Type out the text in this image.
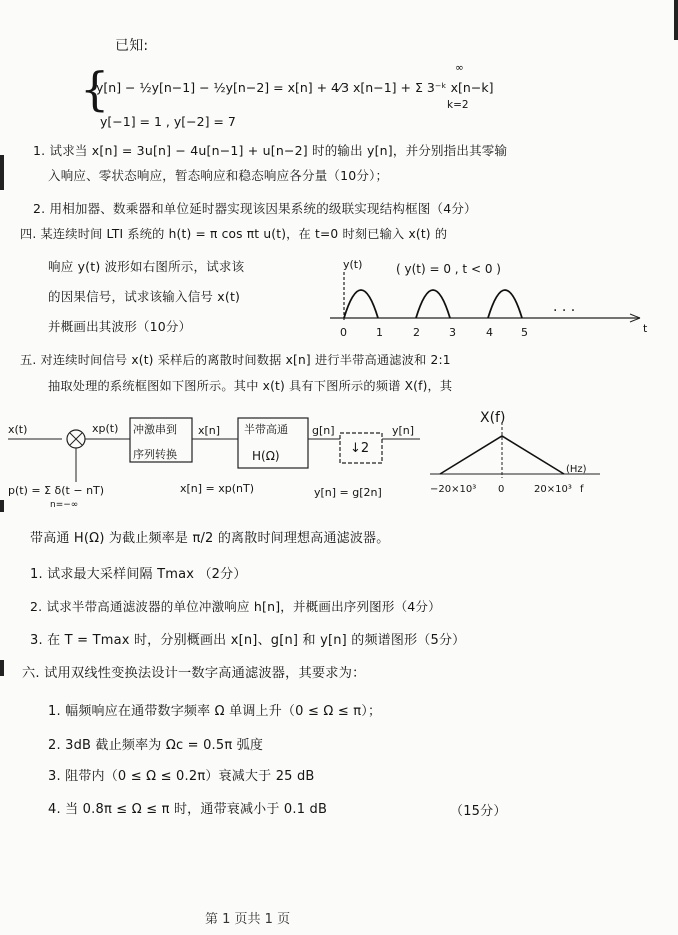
已知:
{
y[n] − ½y[n−1] − ½y[n−2] = x[n] + 4⁄3 x[n−1] + Σ 3⁻ᵏ x[n−k]
∞
k=2
y[−1] = 1 , y[−2] = 7
1. 试求当 x[n] = 3u[n] − 4u[n−1] + u[n−2] 时的输出 y[n]，并分别指出其零输
入响应、零状态响应，暂态响应和稳态响应各分量（10分）；
2. 用相加器、数乘器和单位延时器实现该因果系统的级联实现结构框图（4分）
四. 某连续时间 LTI 系统的 h(t) = π cos πt u(t)，在 t=0 时刻已输入 x(t) 的
响应 y(t) 波形如右图所示，试求该
的因果信号，试求该输入信号 x(t)
并概画出其波形（10分）
y(t)	( y(t) = 0 , t < 0 )
0	1	2	3	4	5
· · ·
t
五. 对连续时间信号 x(t) 采样后的离散时间数据 x[n] 进行半带高通滤波和 2:1
抽取处理的系统框图如下图所示。其中 x(t) 具有下图所示的频谱 X(f)，其
X(f)
x(t)	xp(t) 冲激串到
序列转换
x[n] 半带高通
H(Ω)
g[n]
↓2
y[n]
p(t) = Σ δ(t − nT)
n=−∞
x[n] = xp(nT)	y[n] = g[2n]	−20×10³ 0	20×10³
(Hz)
f
带高通 H(Ω) 为截止频率是 π/2 的离散时间理想高通滤波器。
1. 试求最大采样间隔 Tmax （2分）
2. 试求半带高通滤波器的单位冲激响应 h[n]，并概画出序列图形（4分）
3. 在 T = Tmax 时，分别概画出 x[n]、g[n] 和 y[n] 的频谱图形（5分）
六. 试用双线性变换法设计一数字高通滤波器，其要求为：
1. 幅频响应在通带数字频率 Ω 单调上升（0 ≤ Ω ≤ π）；
2. 3dB 截止频率为 Ωc = 0.5π 弧度
3. 阻带内（0 ≤ Ω ≤ 0.2π）衰减大于 25 dB
4. 当 0.8π ≤ Ω ≤ π 时，通带衰减小于 0.1 dB	（15分）
第 1 页共 1 页
